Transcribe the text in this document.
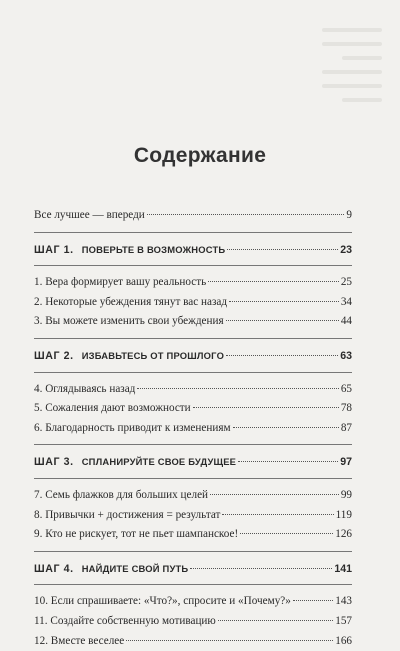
Содержание
Все лучшее — впереди	9
ШАГ 1. ПОВЕРЬТЕ В ВОЗМОЖНОСТЬ	23
1. Вера формирует вашу реальность	25
2. Некоторые убеждения тянут вас назад	34
3. Вы можете изменить свои убеждения	44
ШАГ 2. ИЗБАВЬТЕСЬ ОТ ПРОШЛОГО	63
4. Оглядываясь назад	65
5. Сожаления дают возможности	78
6. Благодарность приводит к изменениям	87
ШАГ 3. СПЛАНИРУЙТЕ СВОЕ БУДУЩЕЕ	97
7. Семь флажков для больших целей	99
8. Привычки + достижения = результат	119
9. Кто не рискует, тот не пьет шампанское!	126
ШАГ 4. НАЙДИТЕ СВОЙ ПУТЬ	141
10. Если спрашиваете: «Что?», спросите и «Почему?»	143
11. Создайте собственную мотивацию	157
12. Вместе веселее	166
